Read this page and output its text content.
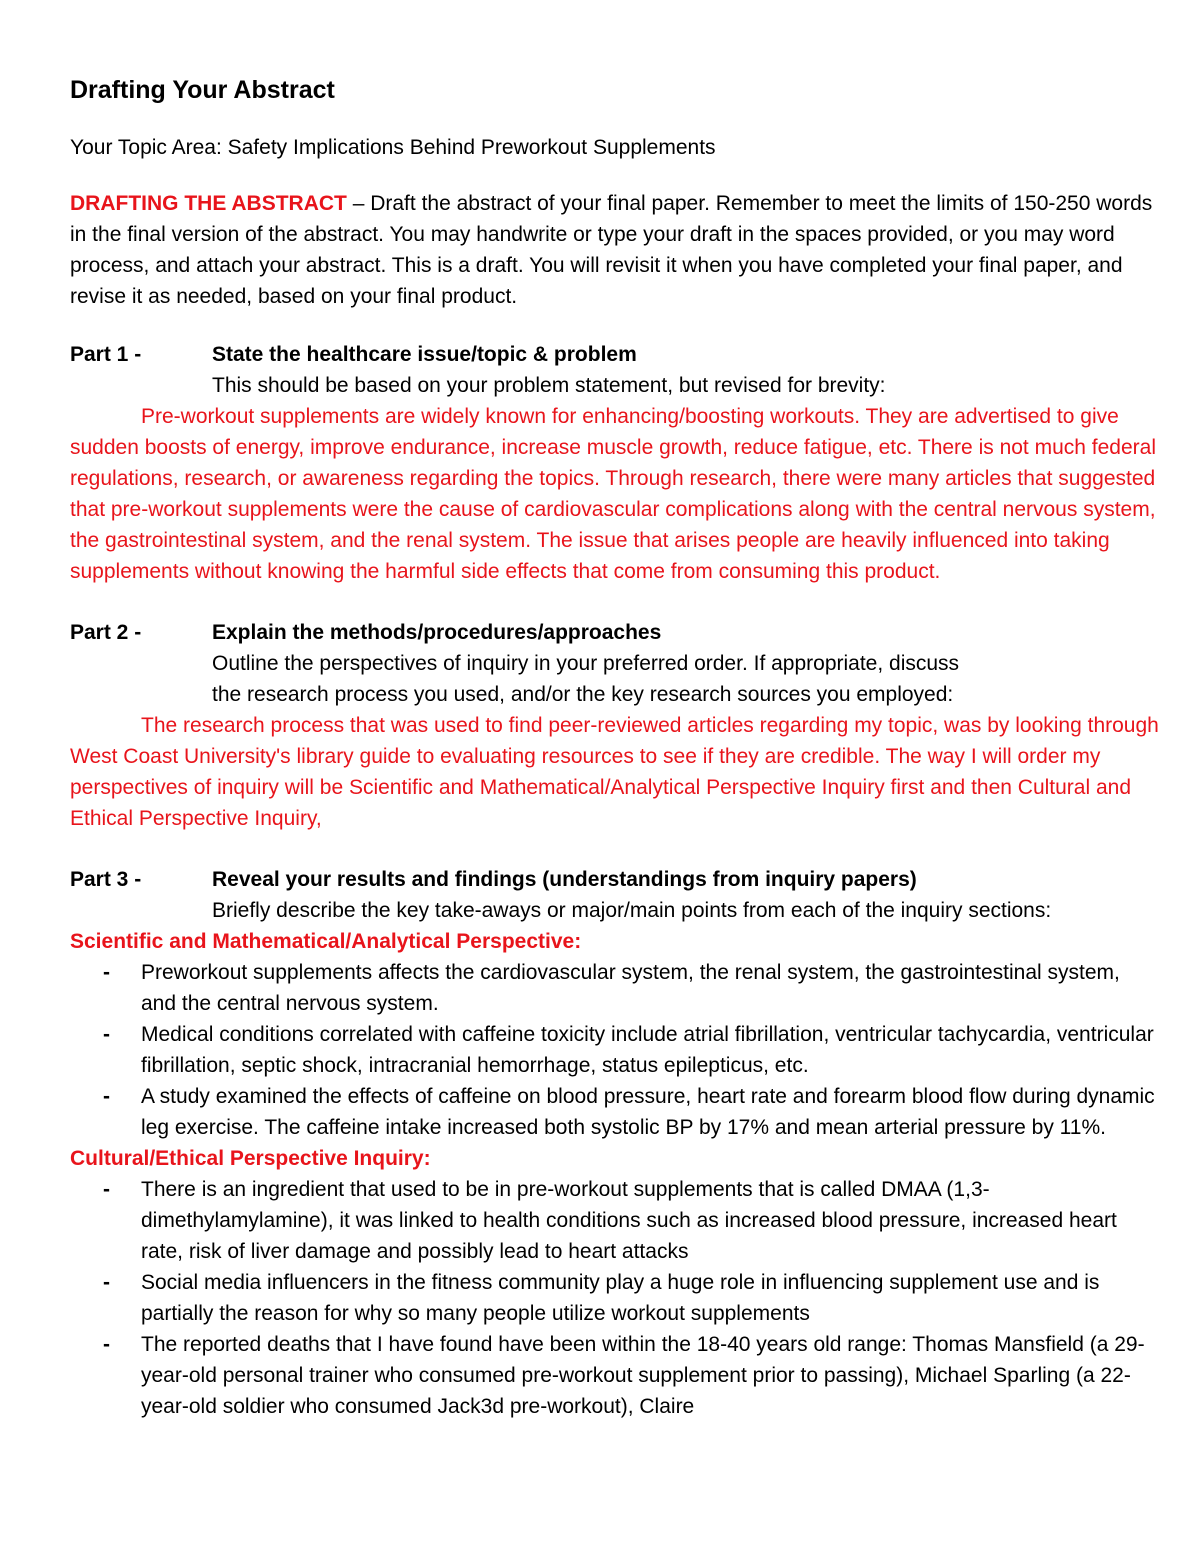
Drafting Your Abstract
Your Topic Area: Safety Implications Behind Preworkout Supplements
DRAFTING THE ABSTRACT – Draft the abstract of your final paper. Remember to meet the limits of 150-250 words in the final version of the abstract. You may handwrite or type your draft in the spaces provided, or you may word process, and attach your abstract. This is a draft. You will revisit it when you have completed your final paper, and revise it as needed, based on your final product.
Part 1 -	State the healthcare issue/topic & problem
This should be based on your problem statement, but revised for brevity:
Pre-workout supplements are widely known for enhancing/boosting workouts. They are advertised to give sudden boosts of energy, improve endurance, increase muscle growth, reduce fatigue, etc. There is not much federal regulations, research, or awareness regarding the topics. Through research, there were many articles that suggested that pre-workout supplements were the cause of cardiovascular complications along with the central nervous system, the gastrointestinal system, and the renal system. The issue that arises people are heavily influenced into taking supplements without knowing the harmful side effects that come from consuming this product.
Part 2 -	Explain the methods/procedures/approaches
Outline the perspectives of inquiry in your preferred order. If appropriate, discuss
the research process you used, and/or the key research sources you employed:
The research process that was used to find peer-reviewed articles regarding my topic, was by looking through West Coast University's library guide to evaluating resources to see if they are credible. The way I will order my perspectives of inquiry will be Scientific and Mathematical/Analytical Perspective Inquiry first and then Cultural and Ethical Perspective Inquiry,
Part 3 -	Reveal your results and findings (understandings from inquiry papers)
Briefly describe the key take-aways or major/main points from each of the inquiry sections:
Scientific and Mathematical/Analytical Perspective:
- Preworkout supplements affects the cardiovascular system, the renal system, the gastrointestinal system, and the central nervous system.
- Medical conditions correlated with caffeine toxicity include atrial fibrillation, ventricular tachycardia, ventricular fibrillation, septic shock, intracranial hemorrhage, status epilepticus, etc.
- A study examined the effects of caffeine on blood pressure, heart rate and forearm blood flow during dynamic leg exercise. The caffeine intake increased both systolic BP by 17% and mean arterial pressure by 11%.
Cultural/Ethical Perspective Inquiry:
- There is an ingredient that used to be in pre-workout supplements that is called DMAA (1,3-dimethylamylamine), it was linked to health conditions such as increased blood pressure, increased heart rate, risk of liver damage and possibly lead to heart attacks
- Social media influencers in the fitness community play a huge role in influencing supplement use and is partially the reason for why so many people utilize workout supplements
- The reported deaths that I have found have been within the 18-40 years old range: Thomas Mansfield (a 29-year-old personal trainer who consumed pre-workout supplement prior to passing), Michael Sparling (a 22-year-old soldier who consumed Jack3d pre-workout), Claire
